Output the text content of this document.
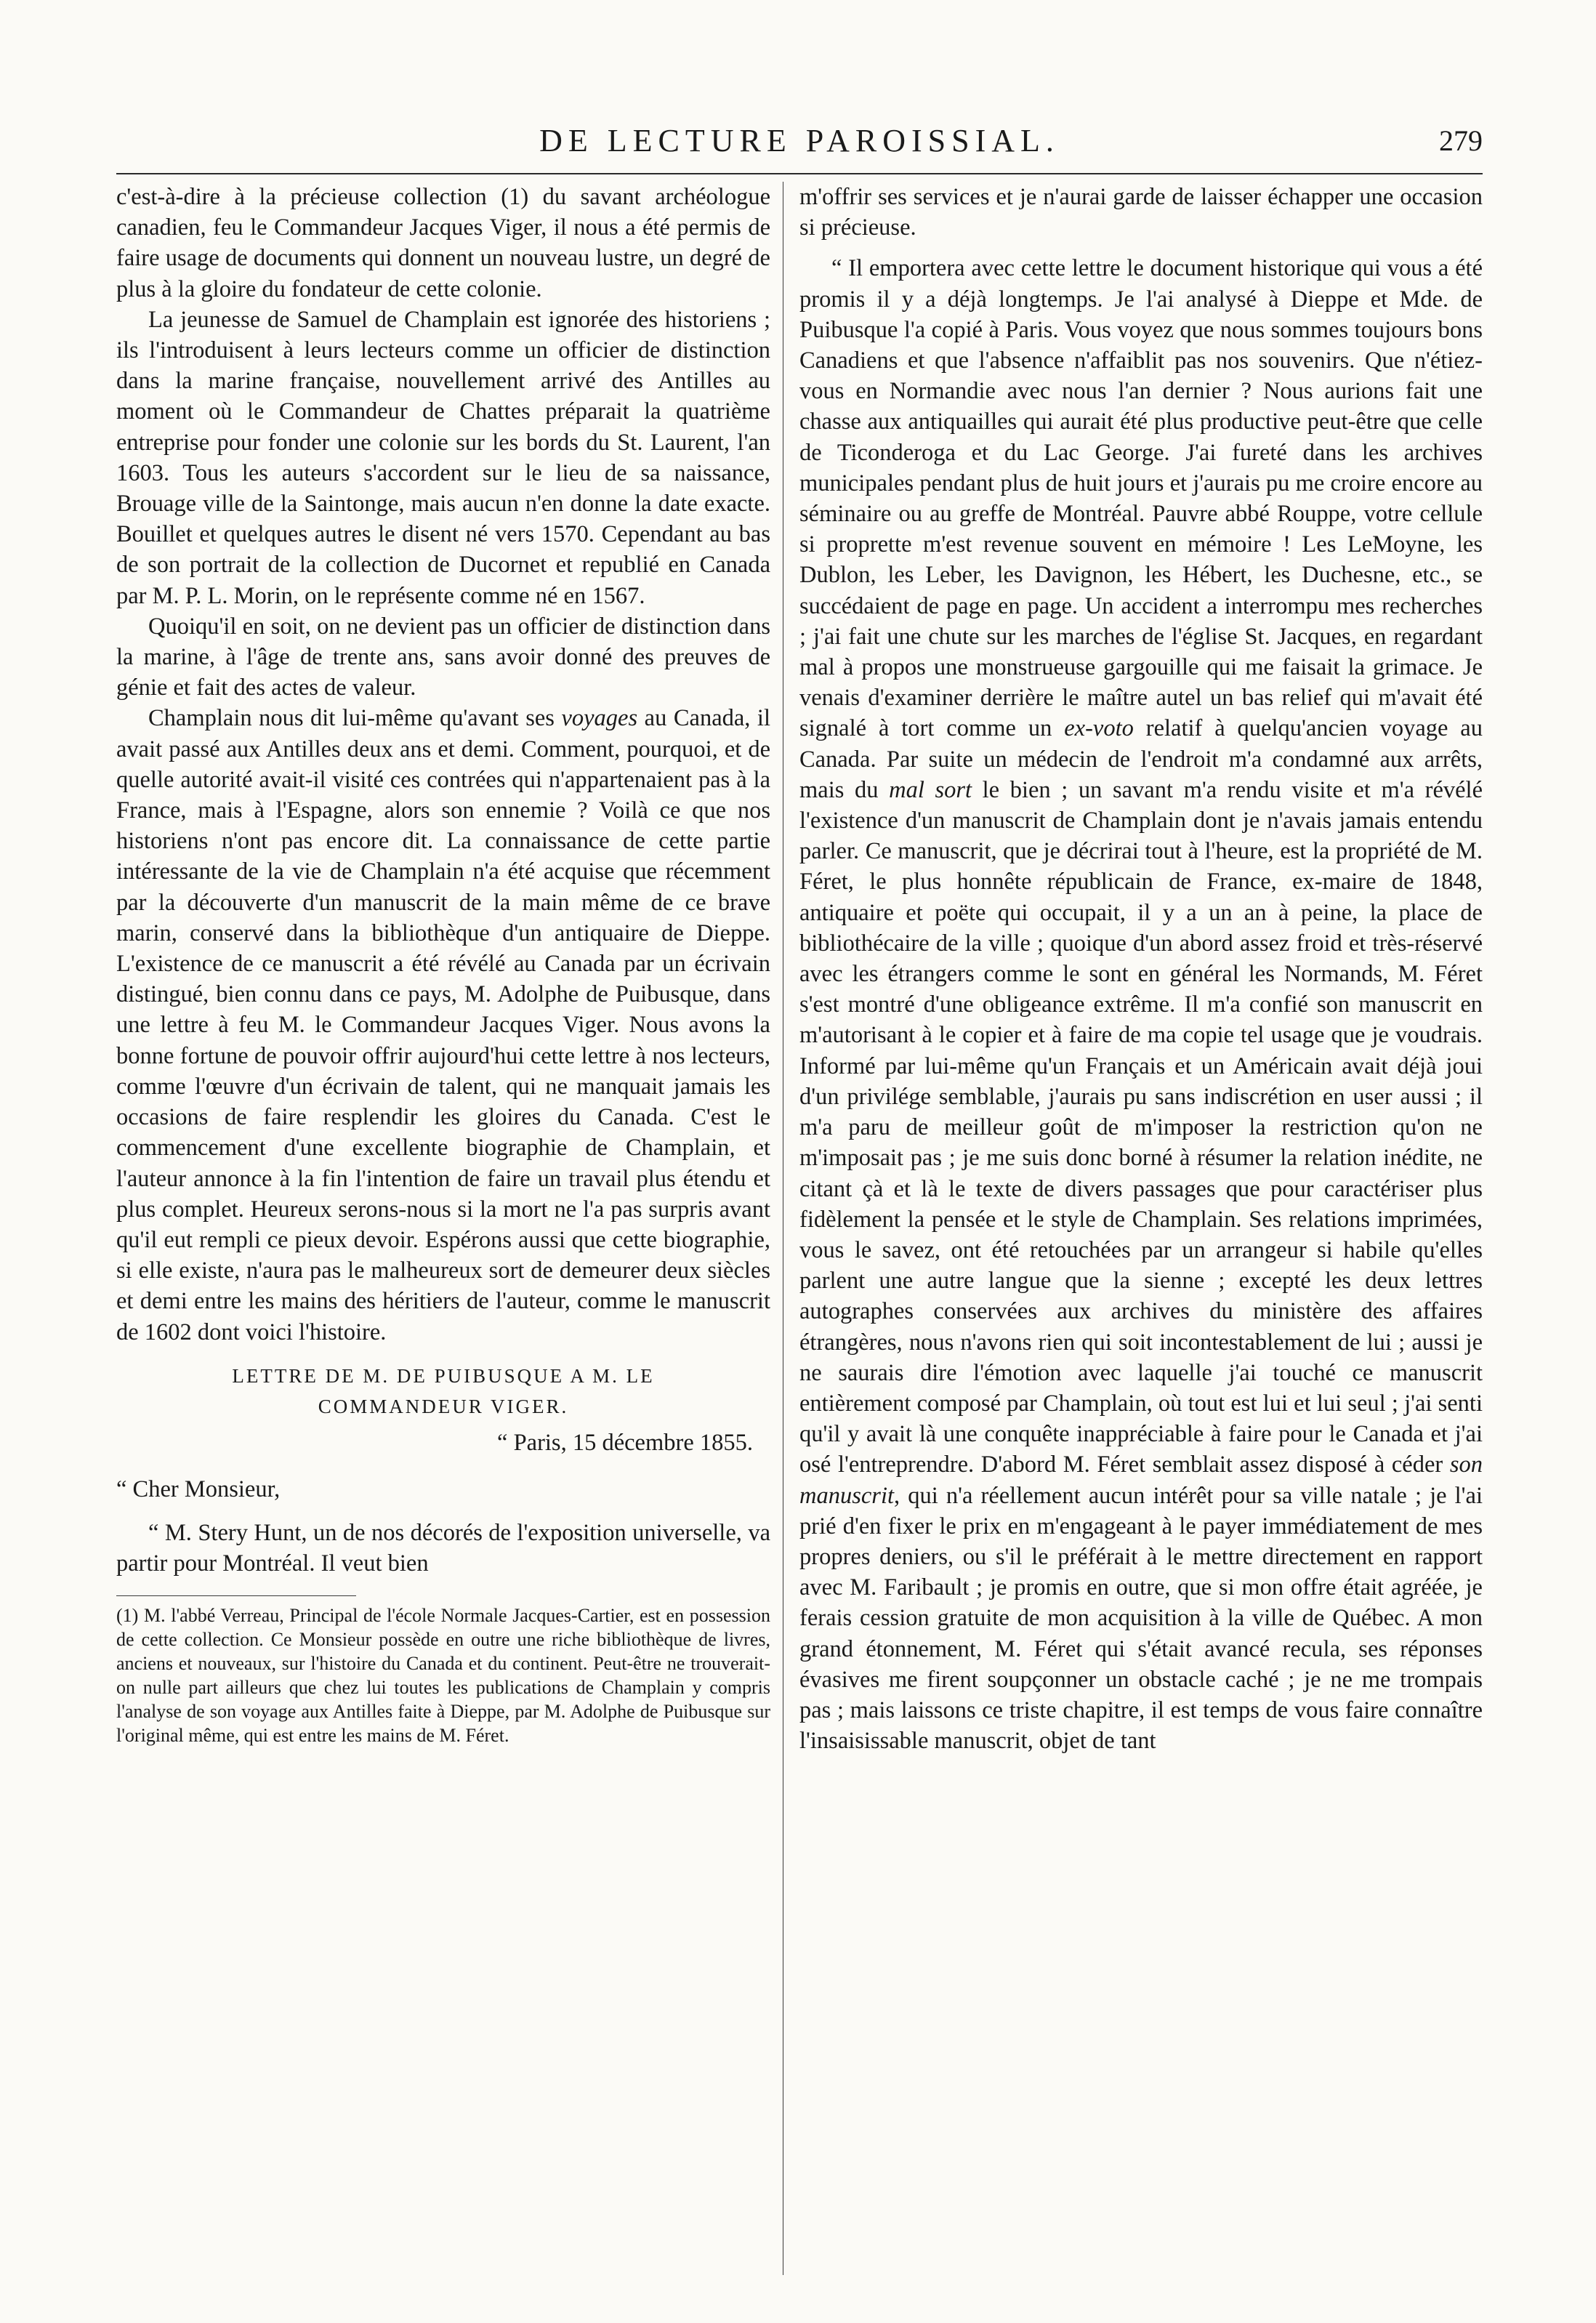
DE LECTURE PAROISSIAL.	279

c'est-à-dire à la précieuse collection (1) du savant archéologue canadien, feu le Commandeur Jacques Viger, il nous a été permis de faire usage de documents qui donnent un nouveau lustre, un degré de plus à la gloire du fondateur de cette colonie.

La jeunesse de Samuel de Champlain est ignorée des historiens ; ils l'introduisent à leurs lecteurs comme un officier de distinction dans la marine française, nouvellement arrivé des Antilles au moment où le Commandeur de Chattes préparait la quatrième entreprise pour fonder une colonie sur les bords du St. Laurent, l'an 1603. Tous les auteurs s'accordent sur le lieu de sa naissance, Brouage ville de la Saintonge, mais aucun n'en donne la date exacte. Bouillet et quelques autres le disent né vers 1570. Cependant au bas de son portrait de la collection de Ducornet et republié en Canada par M. P. L. Morin, on le représente comme né en 1567.

Quoiqu'il en soit, on ne devient pas un officier de distinction dans la marine, à l'âge de trente ans, sans avoir donné des preuves de génie et fait des actes de valeur.

Champlain nous dit lui-même qu'avant ses voyages au Canada, il avait passé aux Antilles deux ans et demi. Comment, pourquoi, et de quelle autorité avait-il visité ces contrées qui n'appartenaient pas à la France, mais à l'Espagne, alors son ennemie ? Voilà ce que nos historiens n'ont pas encore dit. La connaissance de cette partie intéressante de la vie de Champlain n'a été acquise que récemment par la découverte d'un manuscrit de la main même de ce brave marin, conservé dans la bibliothèque d'un antiquaire de Dieppe. L'existence de ce manuscrit a été révélé au Canada par un écrivain distingué, bien connu dans ce pays, M. Adolphe de Puibusque, dans une lettre à feu M. le Commandeur Jacques Viger. Nous avons la bonne fortune de pouvoir offrir aujourd'hui cette lettre à nos lecteurs, comme l'œuvre d'un écrivain de talent, qui ne manquait jamais les occasions de faire resplendir les gloires du Canada. C'est le commencement d'une excellente biographie de Champlain, et l'auteur annonce à la fin l'intention de faire un travail plus étendu et plus complet. Heureux serons-nous si la mort ne l'a pas surpris avant qu'il eut rempli ce pieux devoir. Espérons aussi que cette biographie, si elle existe, n'aura pas le malheureux sort de demeurer deux siècles et demi entre les mains des héritiers de l'auteur, comme le manuscrit de 1602 dont voici l'histoire.

LETTRE DE M. DE PUIBUSQUE A M. LE
COMMANDEUR VIGER.
“ Paris, 15 décembre 1855.
“ Cher Monsieur,

“ M. Stery Hunt, un de nos décorés de l'exposition universelle, va partir pour Montréal. Il veut bien

(1) M. l'abbé Verreau, Principal de l'école Normale Jacques-Cartier, est en possession de cette collection. Ce Monsieur possède en outre une riche bibliothèque de livres, anciens et nouveaux, sur l'histoire du Canada et du continent. Peut-être ne trouverait-on nulle part ailleurs que chez lui toutes les publications de Champlain y compris l'analyse de son voyage aux Antilles faite à Dieppe, par M. Adolphe de Puibusque sur l'original même, qui est entre les mains de M. Féret.

m'offrir ses services et je n'aurai garde de laisser échapper une occasion si précieuse.

“ Il emportera avec cette lettre le document historique qui vous a été promis il y a déjà longtemps. Je l'ai analysé à Dieppe et Mde. de Puibusque l'a copié à Paris. Vous voyez que nous sommes toujours bons Canadiens et que l'absence n'affaiblit pas nos souvenirs. Que n'étiez-vous en Normandie avec nous l'an dernier ? Nous aurions fait une chasse aux antiquailles qui aurait été plus productive peut-être que celle de Ticonderoga et du Lac George. J'ai fureté dans les archives municipales pendant plus de huit jours et j'aurais pu me croire encore au séminaire ou au greffe de Montréal. Pauvre abbé Rouppe, votre cellule si proprette m'est revenue souvent en mémoire ! Les LeMoyne, les Dublon, les Leber, les Davignon, les Hébert, les Duchesne, etc., se succédaient de page en page. Un accident a interrompu mes recherches ; j'ai fait une chute sur les marches de l'église St. Jacques, en regardant mal à propos une monstrueuse gargouille qui me faisait la grimace. Je venais d'examiner derrière le maître autel un bas relief qui m'avait été signalé à tort comme un ex-voto relatif à quelqu'ancien voyage au Canada. Par suite un médecin de l'endroit m'a condamné aux arrêts, mais du mal sort le bien ; un savant m'a rendu visite et m'a révélé l'existence d'un manuscrit de Champlain dont je n'avais jamais entendu parler. Ce manuscrit, que je décrirai tout à l'heure, est la propriété de M. Féret, le plus honnête républicain de France, ex-maire de 1848, antiquaire et poëte qui occupait, il y a un an à peine, la place de bibliothécaire de la ville ; quoique d'un abord assez froid et très-réservé avec les étrangers comme le sont en général les Normands, M. Féret s'est montré d'une obligeance extrême. Il m'a confié son manuscrit en m'autorisant à le copier et à faire de ma copie tel usage que je voudrais. Informé par lui-même qu'un Français et un Américain avait déjà joui d'un privilége semblable, j'aurais pu sans indiscrétion en user aussi ; il m'a paru de meilleur goût de m'imposer la restriction qu'on ne m'imposait pas ; je me suis donc borné à résumer la relation inédite, ne citant çà et là le texte de divers passages que pour caractériser plus fidèlement la pensée et le style de Champlain. Ses relations imprimées, vous le savez, ont été retouchées par un arrangeur si habile qu'elles parlent une autre langue que la sienne ; excepté les deux lettres autographes conservées aux archives du ministère des affaires étrangères, nous n'avons rien qui soit incontestablement de lui ; aussi je ne saurais dire l'émotion avec laquelle j'ai touché ce manuscrit entièrement composé par Champlain, où tout est lui et lui seul ; j'ai senti qu'il y avait là une conquête inappréciable à faire pour le Canada et j'ai osé l'entreprendre. D'abord M. Féret semblait assez disposé à céder son manuscrit, qui n'a réellement aucun intérêt pour sa ville natale ; je l'ai prié d'en fixer le prix en m'engageant à le payer immédiatement de mes propres deniers, ou s'il le préférait à le mettre directement en rapport avec M. Faribault ; je promis en outre, que si mon offre était agréée, je ferais cession gratuite de mon acquisition à la ville de Québec. A mon grand étonnement, M. Féret qui s'était avancé recula, ses réponses évasives me firent soupçonner un obstacle caché ; je ne me trompais pas ; mais laissons ce triste chapitre, il est temps de vous faire connaître l'insaisissable manuscrit, objet de tant
